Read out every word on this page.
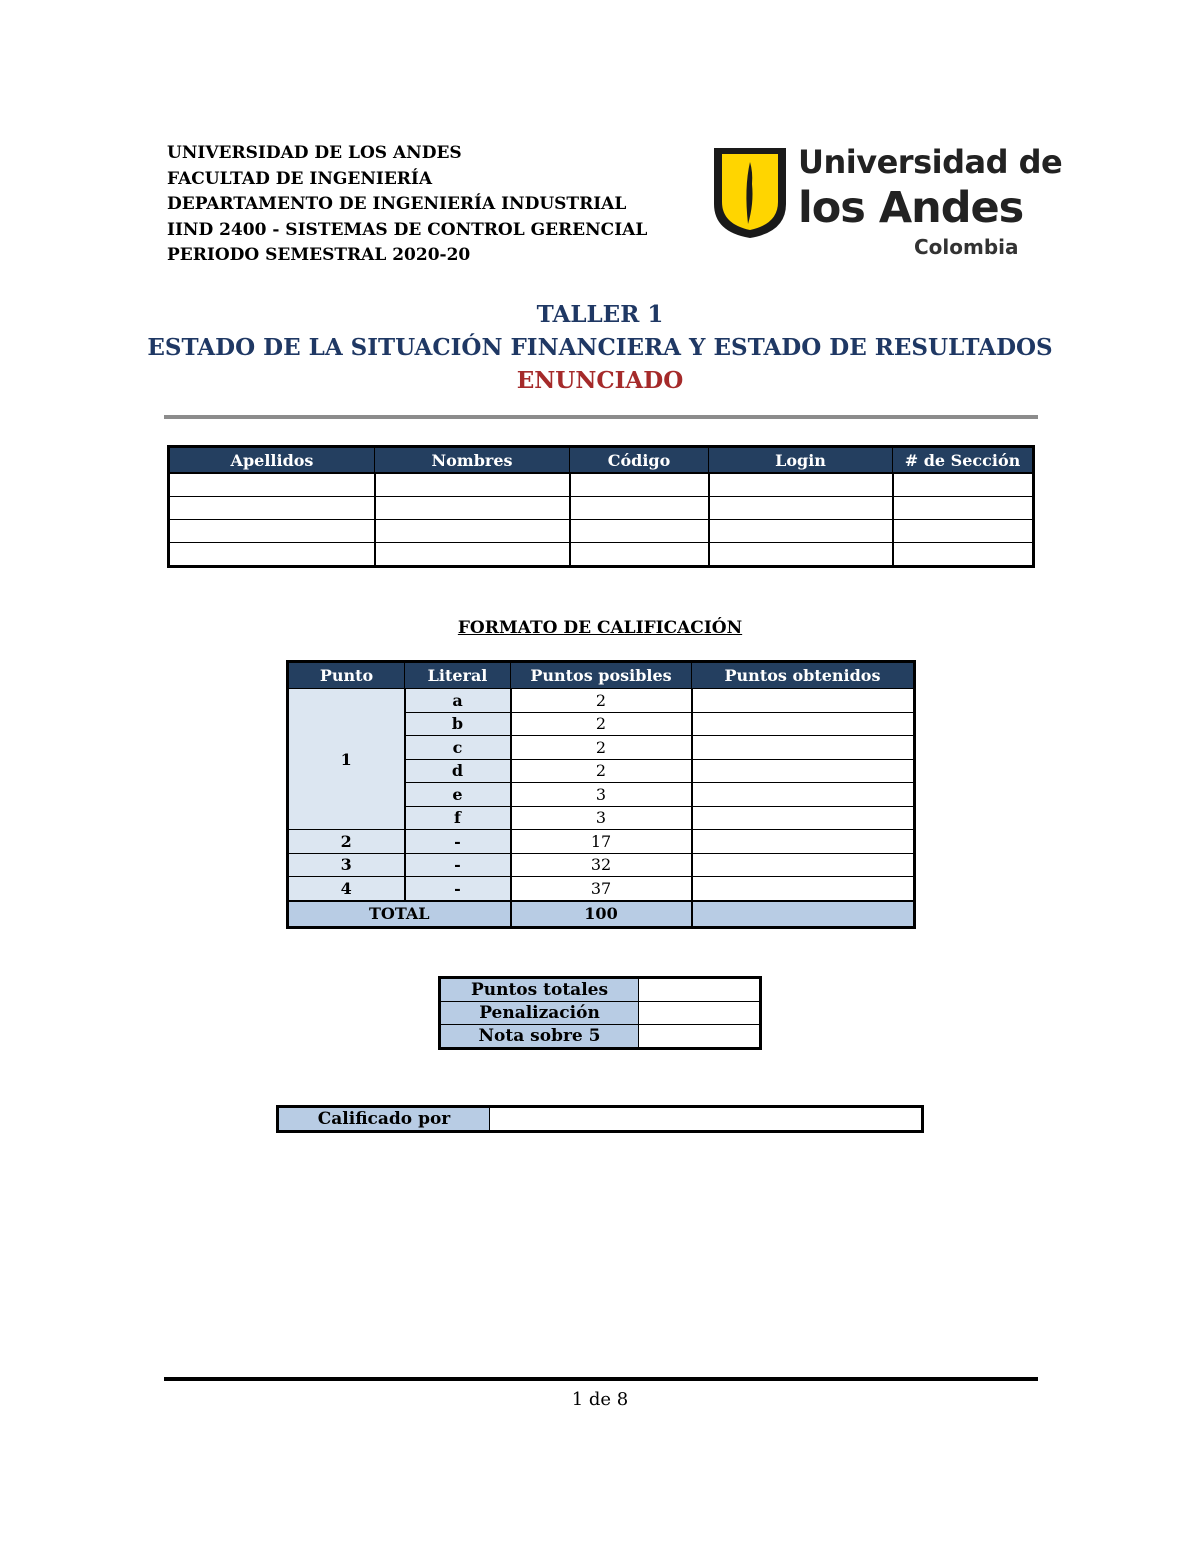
UNIVERSIDAD DE LOS ANDES
FACULTAD DE INGENIERÍA
DEPARTAMENTO DE INGENIERÍA INDUSTRIAL
IIND 2400 - SISTEMAS DE CONTROL GERENCIAL
PERIODO SEMESTRAL 2020-20
Universidad de
los Andes
Colombia
TALLER 1
ESTADO DE LA SITUACIÓN FINANCIERA Y ESTADO DE RESULTADOS
ENUNCIADO
Apellidos	Nombres	Código	Login	# de Sección

FORMATO DE CALIFICACIÓN
Punto	Literal	Puntos posibles	Puntos obtenidos
1	a	2	
	b	2	
	c	2	
	d	2	
	e	3	
	f	3	
2	-	17	
3	-	32	
4	-	37	
TOTAL		100	
Puntos totales	
Penalización	
Nota sobre 5	
Calificado por	
1 de 8
